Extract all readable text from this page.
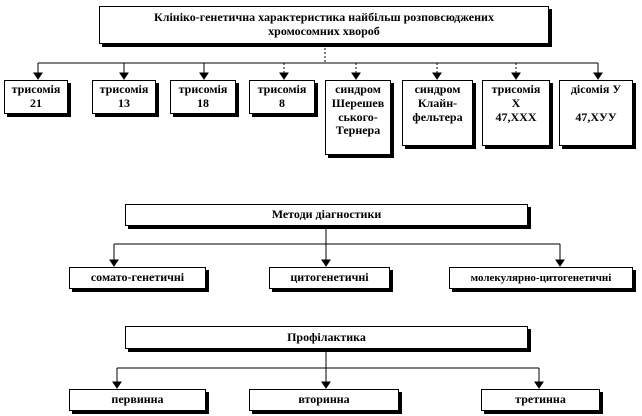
Клініко-генетична характеристика найбільш розповсюджених
хромосомних хвороб
трисомія
21
трисомія
13
трисомія
18
трисомія
8
синдром
Шерешев
ського-
Тернера
синдром
Клайн-
фельтера
трисомія
Х
47,ХХХ
дісомія У
47,ХУУ
Методи діагностики
сомато-генетичні	цитогенетичні	молекулярно-цитогенетичні
Профілактика
первинна	вторинна	третинна
